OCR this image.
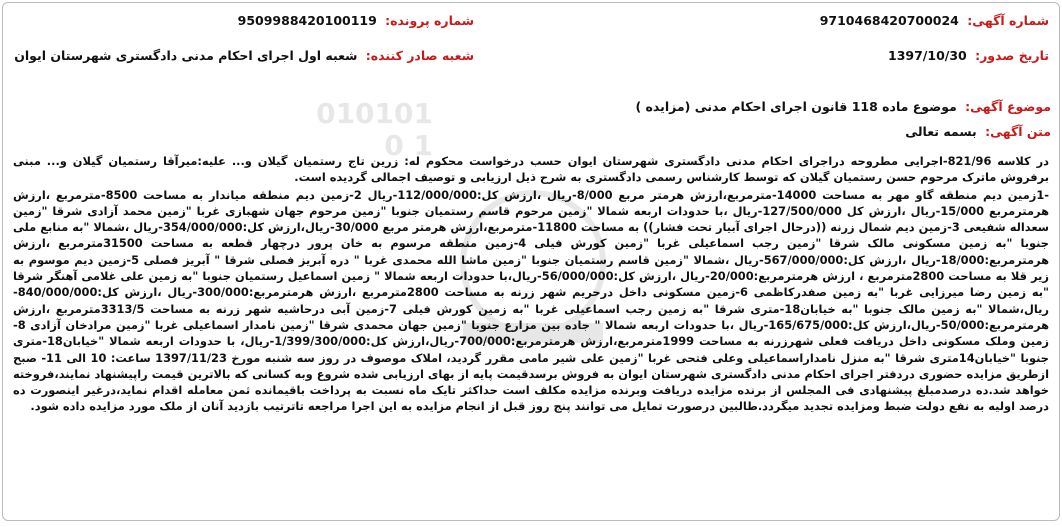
010101
1 0
شماره آگهی: 9710468420700024
شماره پرونده: 9509988420100119
تاریخ صدور: 1397/10/30
شعبه صادر کننده: شعبه اول اجرای احکام مدنی دادگستری شهرستان ایوان
موضوع آگهی: موضوع ماده 118 قانون اجرای احکام مدنی (مزایده )
متن آگهی: بسمه تعالی

در کلاسه 821/96-اجرایی مطروحه دراجرای احکام مدنی دادگستری شهرستان ایوان حسب درخواست محکوم له: زرین تاج رستمیان گیلان و... علیه:میرآقا رستمیان گیلان و... مبنی برفروش ماترک مرحوم حسن رستمیان گیلان که توسط کارشناس رسمی دادگستری به شرح ذیل ارزیابی و توصیف اجمالی گردیده است.

-1زمین دیم منطقه گاو مهر به مساحت 14000-مترمربع،ارزش هرمتر مربع 8/000-ریال ،ارزش کل:112/000/000-ریال 2-زمین دیم منطقه میاندار به مساحت 8500-مترمربع ،ارزش هرمترمربع 15/000-ریال ،ارزش کل 127/500/000-ریال ،با حدودات اربعه شمالا "زمین مرحوم قاسم رستمیان جنوبا "زمین مرحوم جهان شهبازی غربا "زمین محمد آزادی شرقا "زمین سعداله شفیعی 3-زمین دیم شمال زرنه ((درحال اجرای آبیار تحت فشار)) به مساحت 11800-مترمربع،ارزش هرمتر مربع 30/000-ریال،ارزش کل:354/000/000-ریال ،شمالا "به منابع ملی جنوبا "به زمین مسکونی مالک شرقا "زمین رجب اسماعیلی غربا "زمین کورش فیلی 4-زمین منطقه مرسوم به خان پرور درچهار قطعه به مساحت 31500مترمربع ،ارزش هرمترمربع:18/000-ریال ،ارزش کل:567/000/000-ریال ،شمالا "زمین قاسم رستمیان جنوبا "زمین ماشا الله محمدی غربا " دره آبریز فصلی شرقا " آبریز فصلی 5-زمین دیم موسوم به زیر قلا به مساحت 2800مترمربع ، ارزش هرمترمربع:20/000-ریال ،ارزش کل:56/000/000-ریال،با حدودات اربعه شمالا " زمین اسماعیل رستمیان جنوبا "به زمین علی غلامی آهنگر شرقا "به زمین رضا میرزایی غربا "به زمین صفدرکاظمی 6-زمین مسکونی داخل درحریم شهر زرنه به مساحت 2800مترمربع ،ارزش هرمترمربع:300/000-ریال ،ارزش کل:840/000/000-ریال،شمالا "به زمین مالک جنوبا "به خیابان18-متری شرقا "به زمین رجب اسماعیلی غربا "به زمین کورش فیلی 7-زمین آبی درحاشیه شهر زرنه به مساحت 3313/5مترمربع ،ارزش هرمترمربع:50/000-ریال،ارزش کل:165/675/000-ریال ،با حدودات اربعه شمالا " جاده بین مزارع جنوبا "زمین جهان محمدی شرقا "زمین نامدار اسماعیلی غربا "زمین مرادخان آزادی 8-زمین وملک مسکونی داخل دریافت فعلی شهرزرنه به مساحت 1999مترمربع،ارزش هرمترمربع:700/000-ریال،ارزش کل:1/399/300/000-ریال، با حدودات اربعه شمالا "خیابان18-متری جنوبا "خیابان14متری شرقا "به منزل نامداراسماعیلی وعلی فتحی غربا "زمین علی شیر مامی مقرر گردید، املاک موصوف در روز سه شنبه مورخ 1397/11/23 ساعت: 10 الی 11- صبح ازطریق مزایده حضوری دردفتر اجرای احکام مدنی دادگستری شهرستان ایوان به فروش برسدقیمت پایه از بهای ارزیابی شده شروع وبه کسانی که بالاترین قیمت راپیشنهاد نمایند،فروخته خواهد شد.ده درصدمبلغ پیشنهادی فی المجلس از برنده مزایده دریافت وبرنده مزایده مکلف است حداکثر تایک ماه نسبت به پرداخت باقیمانده ثمن معامله اقدام نماید،درغیر اینصورت ده درصد اولیه به نفع دولت ضبط ومزایده تجدید میگردد.طالبین درصورت تمایل می توانند پنج روز قبل از انجام مزایده به این اجرا مراجعه تاترتیب بازدید آنان از ملک مورد مزایده داده شود.
